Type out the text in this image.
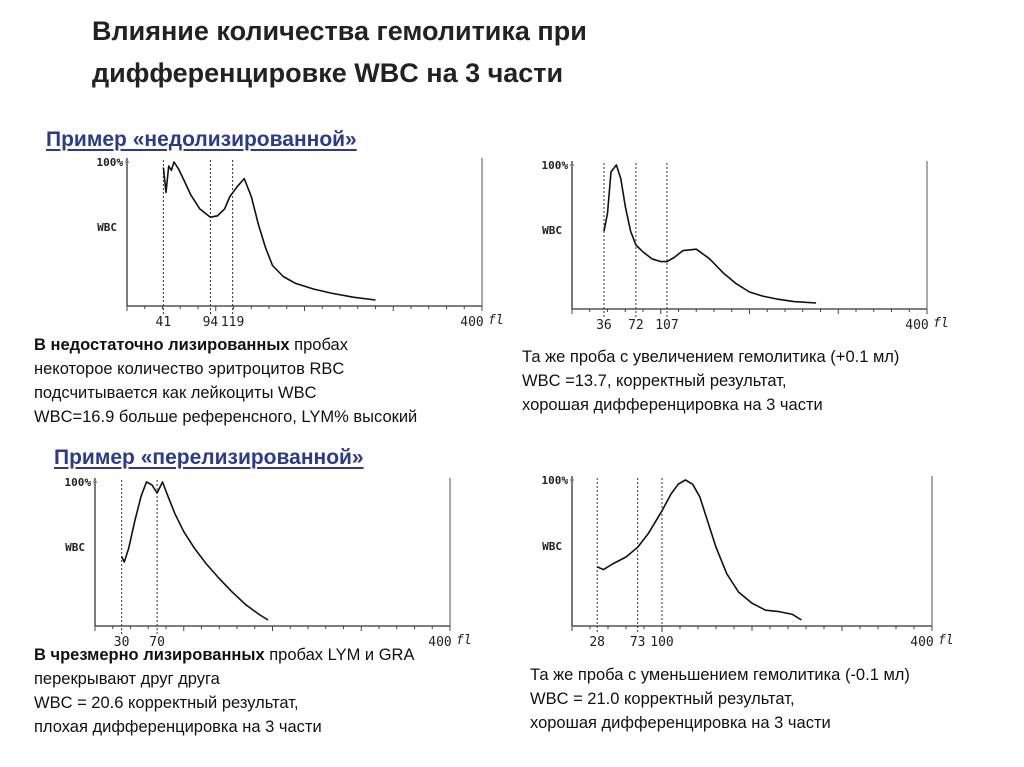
Влияние количества гемолитика при
дифференцировке WBC на 3 части
Пример «недолизированной»
Пример «перелизированной»
100%
WBC
41 94 119	400 fl
100%
WBC
36 72 107	400 fl
100%
WBC
30 70	400 fl
100%
WBC
28 73 100	400 fl
В недостаточно лизированных пробах
некоторое количество эритроцитов RBC
подсчитывается как лейкоциты WBC
WBC=16.9 больше референсного, LYM% высокий
Та же проба с увеличением гемолитика (+0.1 мл)
WBC =13.7, корректный результат,
хорошая дифференцировка на 3 части
В чрезмерно лизированных пробах LYM и GRA
перекрывают друг друга
WBC = 20.6 корректный результат,
плохая дифференцировка на 3 части
Та же проба с уменьшением гемолитика (-0.1 мл)
WBC = 21.0 корректный результат,
хорошая дифференцировка на 3 части
